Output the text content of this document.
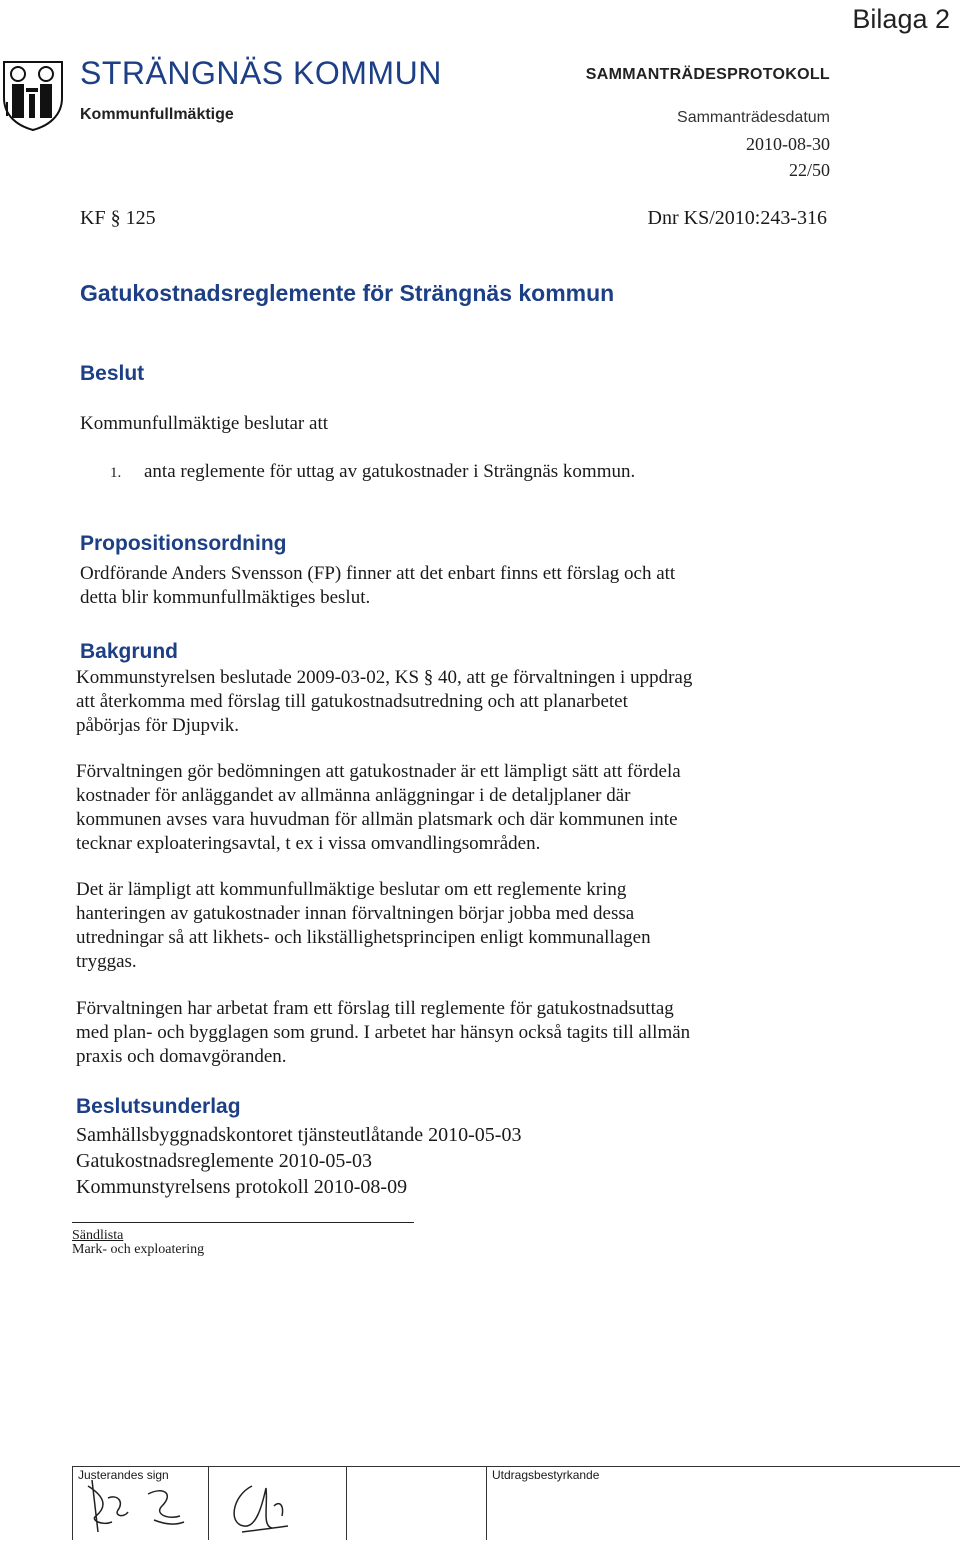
Bilaga 2
STRÄNGNÄS KOMMUN
Kommunfullmäktige
SAMMANTRÄDESPROTOKOLL
Sammanträdesdatum
2010-08-30
22/50
KF § 125	Dnr KS/2010:243-316
Gatukostnadsreglemente för Strängnäs kommun
Beslut
Kommunfullmäktige beslutar att
1. anta reglemente för uttag av gatukostnader i Strängnäs kommun.
Propositionsordning

Ordförande Anders Svensson (FP) finner att det enbart finns ett förslag och att

detta blir kommunfullmäktiges beslut.

Bakgrund

Kommunstyrelsen beslutade 2009-03-02, KS § 40, att ge förvaltningen i uppdrag

att återkomma med förslag till gatukostnadsutredning och att planarbetet

påbörjas för Djupvik.

Förvaltningen gör bedömningen att gatukostnader är ett lämpligt sätt att fördela

kostnader för anläggandet av allmänna anläggningar i de detaljplaner där

kommunen avses vara huvudman för allmän platsmark och där kommunen inte

tecknar exploateringsavtal, t ex i vissa omvandlingsområden.

Det är lämpligt att kommunfullmäktige beslutar om ett reglemente kring

hanteringen av gatukostnader innan förvaltningen börjar jobba med dessa

utredningar så att likhets- och likställighetsprincipen enligt kommunallagen

tryggas.

Förvaltningen har arbetat fram ett förslag till reglemente för gatukostnadsuttag

med plan- och bygglagen som grund. I arbetet har hänsyn också tagits till allmän

praxis och domavgöranden.

Beslutsunderlag
Samhällsbyggnadskontoret tjänsteutlåtande 2010-05-03
Gatukostnadsreglemente 2010-05-03
Kommunstyrelsens protokoll 2010-08-09
Sändlista
Mark- och exploatering
Justerandes sign	Utdragsbestyrkande
